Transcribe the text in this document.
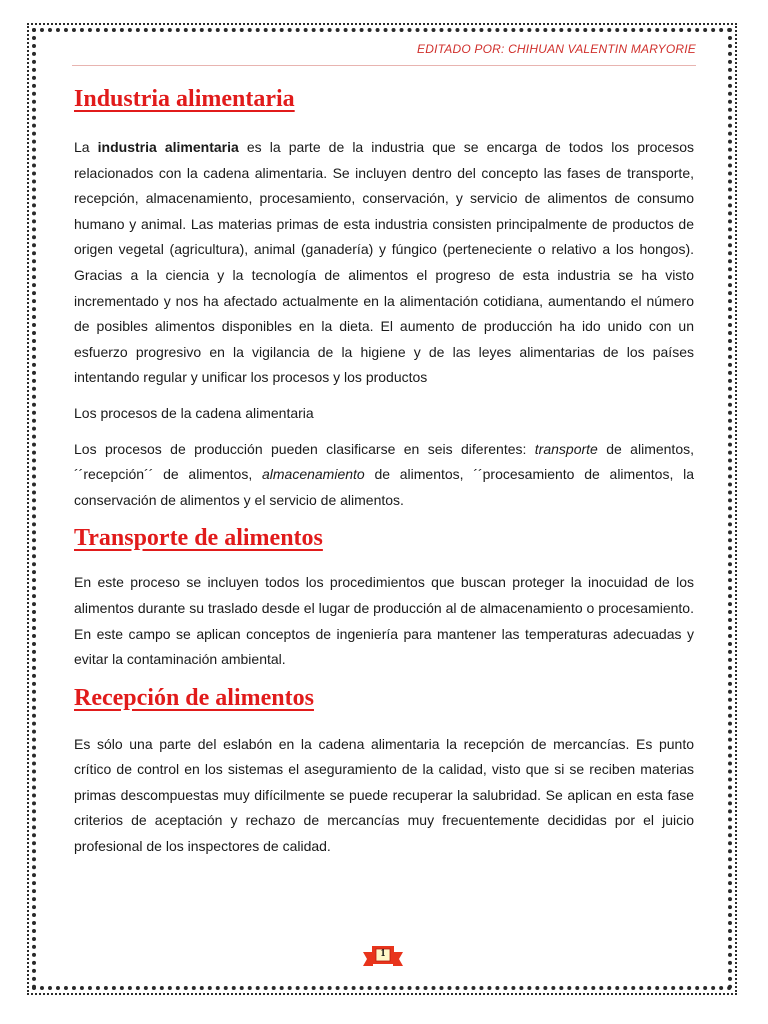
EDITADO POR: CHIHUAN VALENTIN MARYORIE
Industria alimentaria

La industria alimentaria es la parte de la industria que se encarga de todos los procesos relacionados con la cadena alimentaria. Se incluyen dentro del concepto las fases de transporte, recepción, almacenamiento, procesamiento, conservación, y servicio de alimentos de consumo humano y animal. Las materias primas de esta industria consisten principalmente de productos de origen vegetal (agricultura), animal (ganadería) y fúngico (perteneciente o relativo a los hongos). Gracias a la ciencia y la tecnología de alimentos el progreso de esta industria se ha visto incrementado y nos ha afectado actualmente en la alimentación cotidiana, aumentando el número de posibles alimentos disponibles en la dieta. El aumento de producción ha ido unido con un esfuerzo progresivo en la vigilancia de la higiene y de las leyes alimentarias de los países intentando regular y unificar los procesos y los productos

Los procesos de la cadena alimentaria

Los procesos de producción pueden clasificarse en seis diferentes: transporte de alimentos, ´´recepción´´ de alimentos, almacenamiento de alimentos, ´´procesamiento de alimentos, la conservación de alimentos y el servicio de alimentos.

Transporte de alimentos

En este proceso se incluyen todos los procedimientos que buscan proteger la inocuidad de los alimentos durante su traslado desde el lugar de producción al de almacenamiento o procesamiento. En este campo se aplican conceptos de ingeniería para mantener las temperaturas adecuadas y evitar la contaminación ambiental.

Recepción de alimentos

Es sólo una parte del eslabón en la cadena alimentaria la recepción de mercancías. Es punto crítico de control en los sistemas el aseguramiento de la calidad, visto que si se reciben materias primas descompuestas muy difícilmente se puede recuperar la salubridad. Se aplican en esta fase criterios de aceptación y rechazo de mercancías muy frecuentemente decididas por el juicio profesional de los inspectores de calidad.

1
